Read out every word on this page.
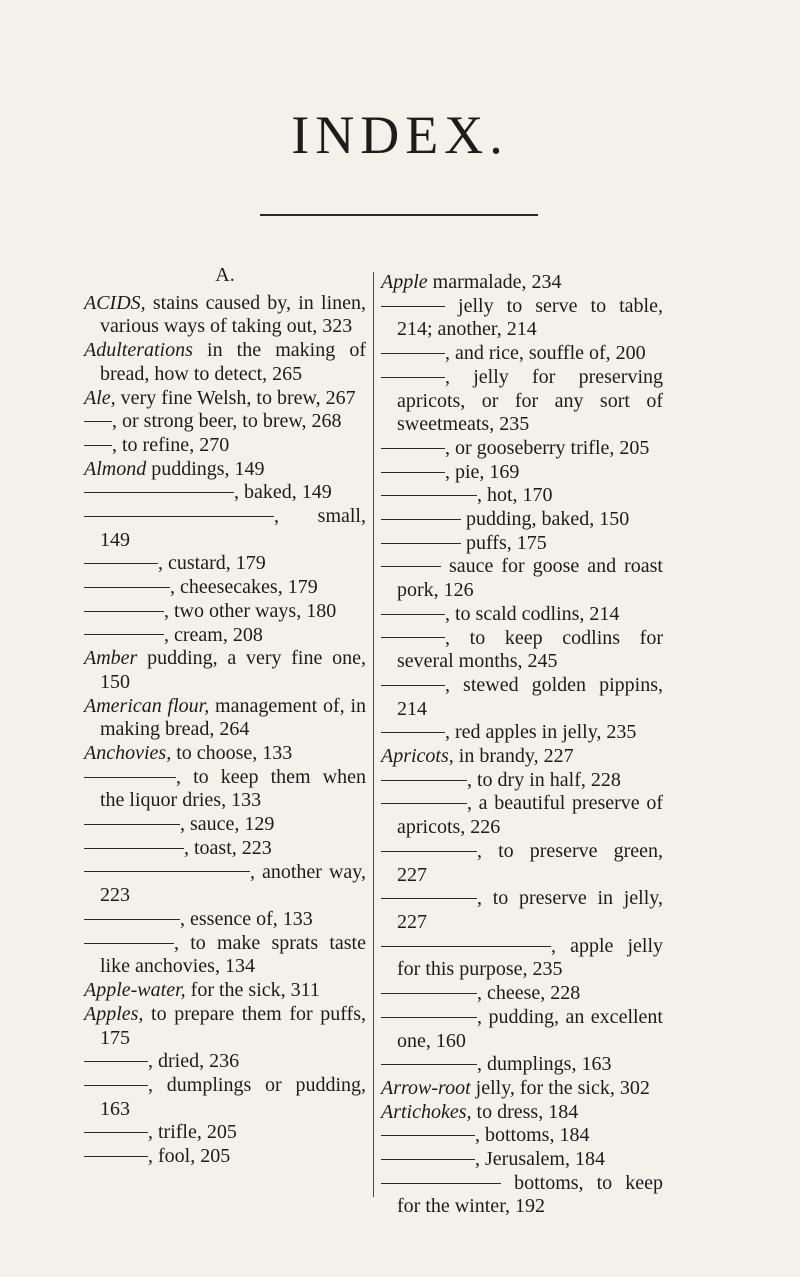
INDEX.

A.

ACIDS, stains caused by, in linen, various ways of taking out, 323

Adulterations in the making of bread, how to detect, 265

Ale, very fine Welsh, to brew, 267

, or strong beer, to brew, 268

, to refine, 270

Almond puddings, 149

, baked, 149

, small, 149

, custard, 179

, cheesecakes, 179

, two other ways, 180

, cream, 208

Amber pudding, a very fine one, 150

American flour, management of, in making bread, 264

Anchovies, to choose, 133

, to keep them when the liquor dries, 133

, sauce, 129

, toast, 223

, another way, 223

, essence of, 133

, to make sprats taste like anchovies, 134

Apple-water, for the sick, 311

Apples, to prepare them for puffs, 175

, dried, 236

, dumplings or pudding, 163

, trifle, 205

, fool, 205

Apple marmalade, 234

jelly to serve to table, 214; another, 214

, and rice, souffle of, 200

, jelly for preserving apricots, or for any sort of sweetmeats, 235

, or gooseberry trifle, 205

, pie, 169

, hot, 170

pudding, baked, 150

puffs, 175

sauce for goose and roast pork, 126

, to scald codlins, 214

, to keep codlins for several months, 245

, stewed golden pippins, 214

, red apples in jelly, 235

Apricots, in brandy, 227

, to dry in half, 228

, a beautiful preserve of apricots, 226

, to preserve green, 227

, to preserve in jelly, 227

, apple jelly for this purpose, 235

, cheese, 228

, pudding, an excellent one, 160

, dumplings, 163

Arrow-root jelly, for the sick, 302

Artichokes, to dress, 184

, bottoms, 184

, Jerusalem, 184

bottoms, to keep for the winter, 192
